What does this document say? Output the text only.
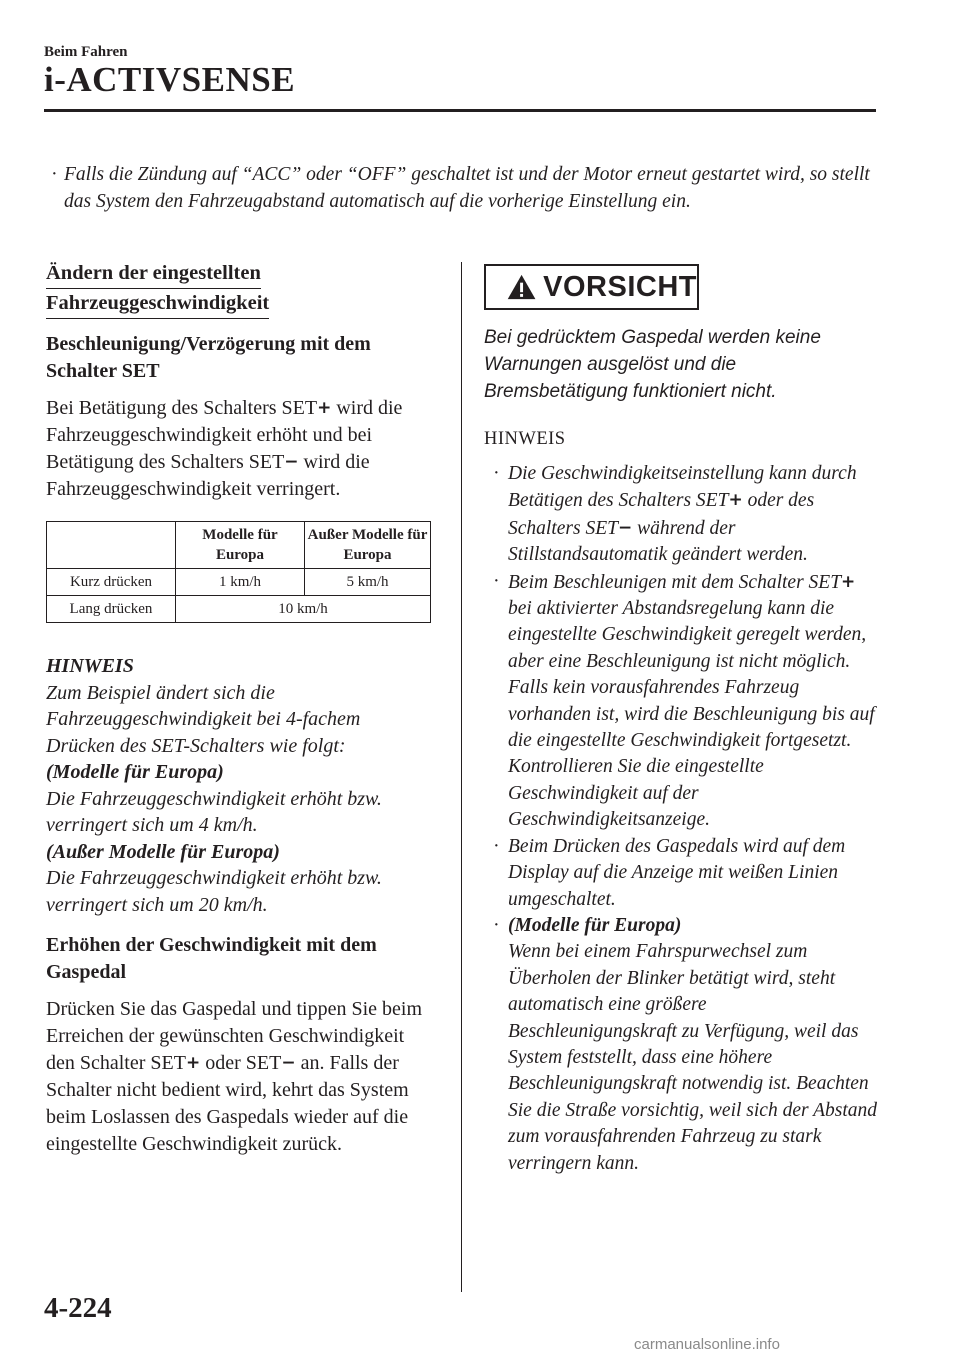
Beim Fahren
i-ACTIVSENSE
· Falls die Zündung auf “ACC” oder “OFF” geschaltet ist und der Motor erneut gestartet wird, so stellt das System den Fahrzeugabstand automatisch auf die vorherige Einstellung ein.
Ändern der eingestellten
Fahrzeuggeschwindigkeit
Beschleunigung/Verzögerung mit dem Schalter SET
Bei Betätigung des Schalters SET+ wird die Fahrzeuggeschwindigkeit erhöht und bei Betätigung des Schalters SET− wird die Fahrzeuggeschwindigkeit verringert.
	Modelle für Europa	Außer Modelle für Europa
Kurz drücken	1 km/h	5 km/h
Lang drücken	10 km/h	
HINWEIS
Zum Beispiel ändert sich die Fahrzeuggeschwindigkeit bei 4-fachem Drücken des SET-Schalters wie folgt:
(Modelle für Europa)
Die Fahrzeuggeschwindigkeit erhöht bzw. verringert sich um 4 km/h.
(Außer Modelle für Europa)
Die Fahrzeuggeschwindigkeit erhöht bzw. verringert sich um 20 km/h.
Erhöhen der Geschwindigkeit mit dem Gaspedal
Drücken Sie das Gaspedal und tippen Sie beim Erreichen der gewünschten Geschwindigkeit den Schalter SET+ oder SET− an. Falls der Schalter nicht bedient wird, kehrt das System beim Loslassen des Gaspedals wieder auf die eingestellte Geschwindigkeit zurück.
VORSICHT
Bei gedrücktem Gaspedal werden keine Warnungen ausgelöst und die Bremsbetätigung funktioniert nicht.
HINWEIS
· Die Geschwindigkeitseinstellung kann durch Betätigen des Schalters SET+ oder des Schalters SET− während der Stillstandsautomatik geändert werden.
· Beim Beschleunigen mit dem Schalter SET+ bei aktivierter Abstandsregelung kann die eingestellte Geschwindigkeit geregelt werden, aber eine Beschleunigung ist nicht möglich. Falls kein vorausfahrendes Fahrzeug vorhanden ist, wird die Beschleunigung bis auf die eingestellte Geschwindigkeit fortgesetzt. Kontrollieren Sie die eingestellte Geschwindigkeit auf der Geschwindigkeitsanzeige.
· Beim Drücken des Gaspedals wird auf dem Display auf die Anzeige mit weißen Linien umgeschaltet.
· (Modelle für Europa)
Wenn bei einem Fahrspurwechsel zum Überholen der Blinker betätigt wird, steht automatisch eine größere Beschleunigungskraft zu Verfügung, weil das System feststellt, dass eine höhere Beschleunigungskraft notwendig ist. Beachten Sie die Straße vorsichtig, weil sich der Abstand zum vorausfahrenden Fahrzeug zu stark verringern kann.
4-224
carmanualsonline.info
